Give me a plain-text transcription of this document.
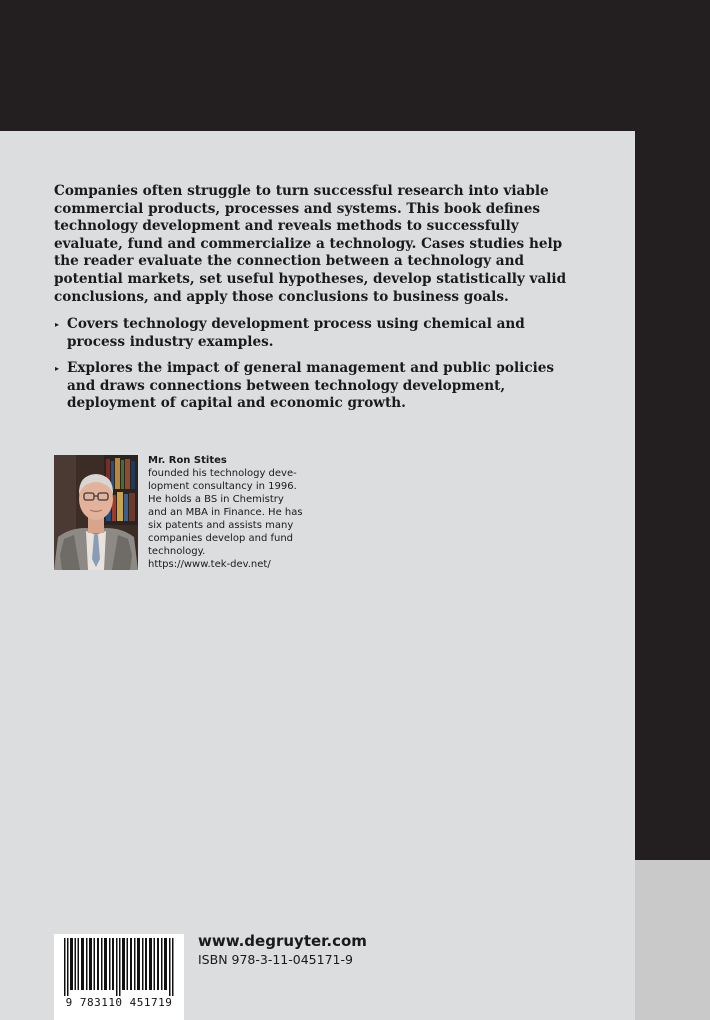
Companies often struggle to turn successful research into viable commercial products, processes and systems. This book defines technology development and reveals methods to successfully evaluate, fund and commercialize a technology. Cases studies help the reader evaluate the connection between a technology and potential markets, set useful hypotheses, develop statistically valid conclusions, and apply those conclusions to business goals.

▸ Covers technology development process using chemical and process industry examples.
▸ Explores the impact of general management and public policies and draws connections between technology development, deployment of capital and economic growth.
Mr. Ron Stites
founded his technology deve-
lopment consultancy in 1996.
He holds a BS in Chemistry
and an MBA in Finance. He has
six patents and assists many
companies develop and fund
technology.
https://www.tek-dev.net/
9 783110 451719
www.degruyter.com
ISBN 978-3-11-045171-9
